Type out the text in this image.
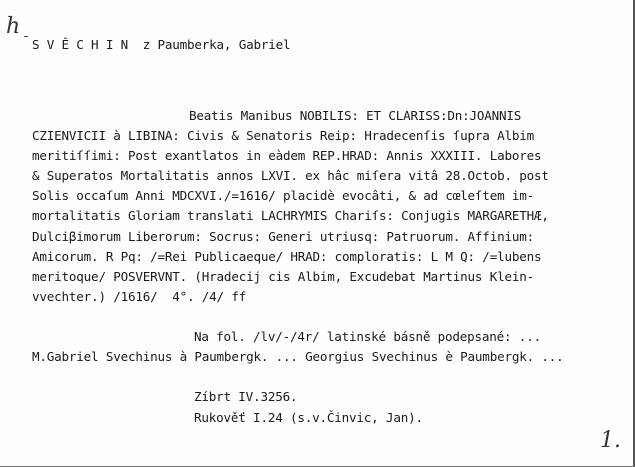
h
S V Ě C H I N  z Paumberka, Gabriel
Beatis Manibus NOBILIS: ET CLARISS:Dn:JOANNIS
CZIENVICII à LIBINA: Civis & Senatoris Reip: Hradecenſis ſupra Albim
meritiſſimi: Post exantlatos in eàdem REP.HRAD: Annis XXXIII. Labores
& Superatos Mortalitatis annos LXVI. ex hâc miſera vitâ 28.Octob. post
Solis occaſum Anni MDCXVI./=1616/ placidè evocâti, & ad cœleſtem im-
mortalitatis Gloriam translati LACHRYMIS Chariſs: Conjugis MARGARETHÆ,
Dulciβimorum Liberorum: Socrus: Generi utriusq: Patruorum. Affinium:
Amicorum. R Pq: /=Rei Publicaeque/ HRAD: comploratis: L M Q: /=lubens
meritoque/ POSVERVNT. (Hradecij cis Albim, Excudebat Martinus Klein-
vvechter.) /1616/  4°. /4/ ff
Na fol. /lv/-/4r/ latinské básně podepsané: ...
M.Gabriel Svechinus à Paumbergk. ... Georgius Svechinus è Paumbergk. ...
Zíbrt IV.3256.
Rukověť I.24 (s.v.Činvic, Jan).
1.
